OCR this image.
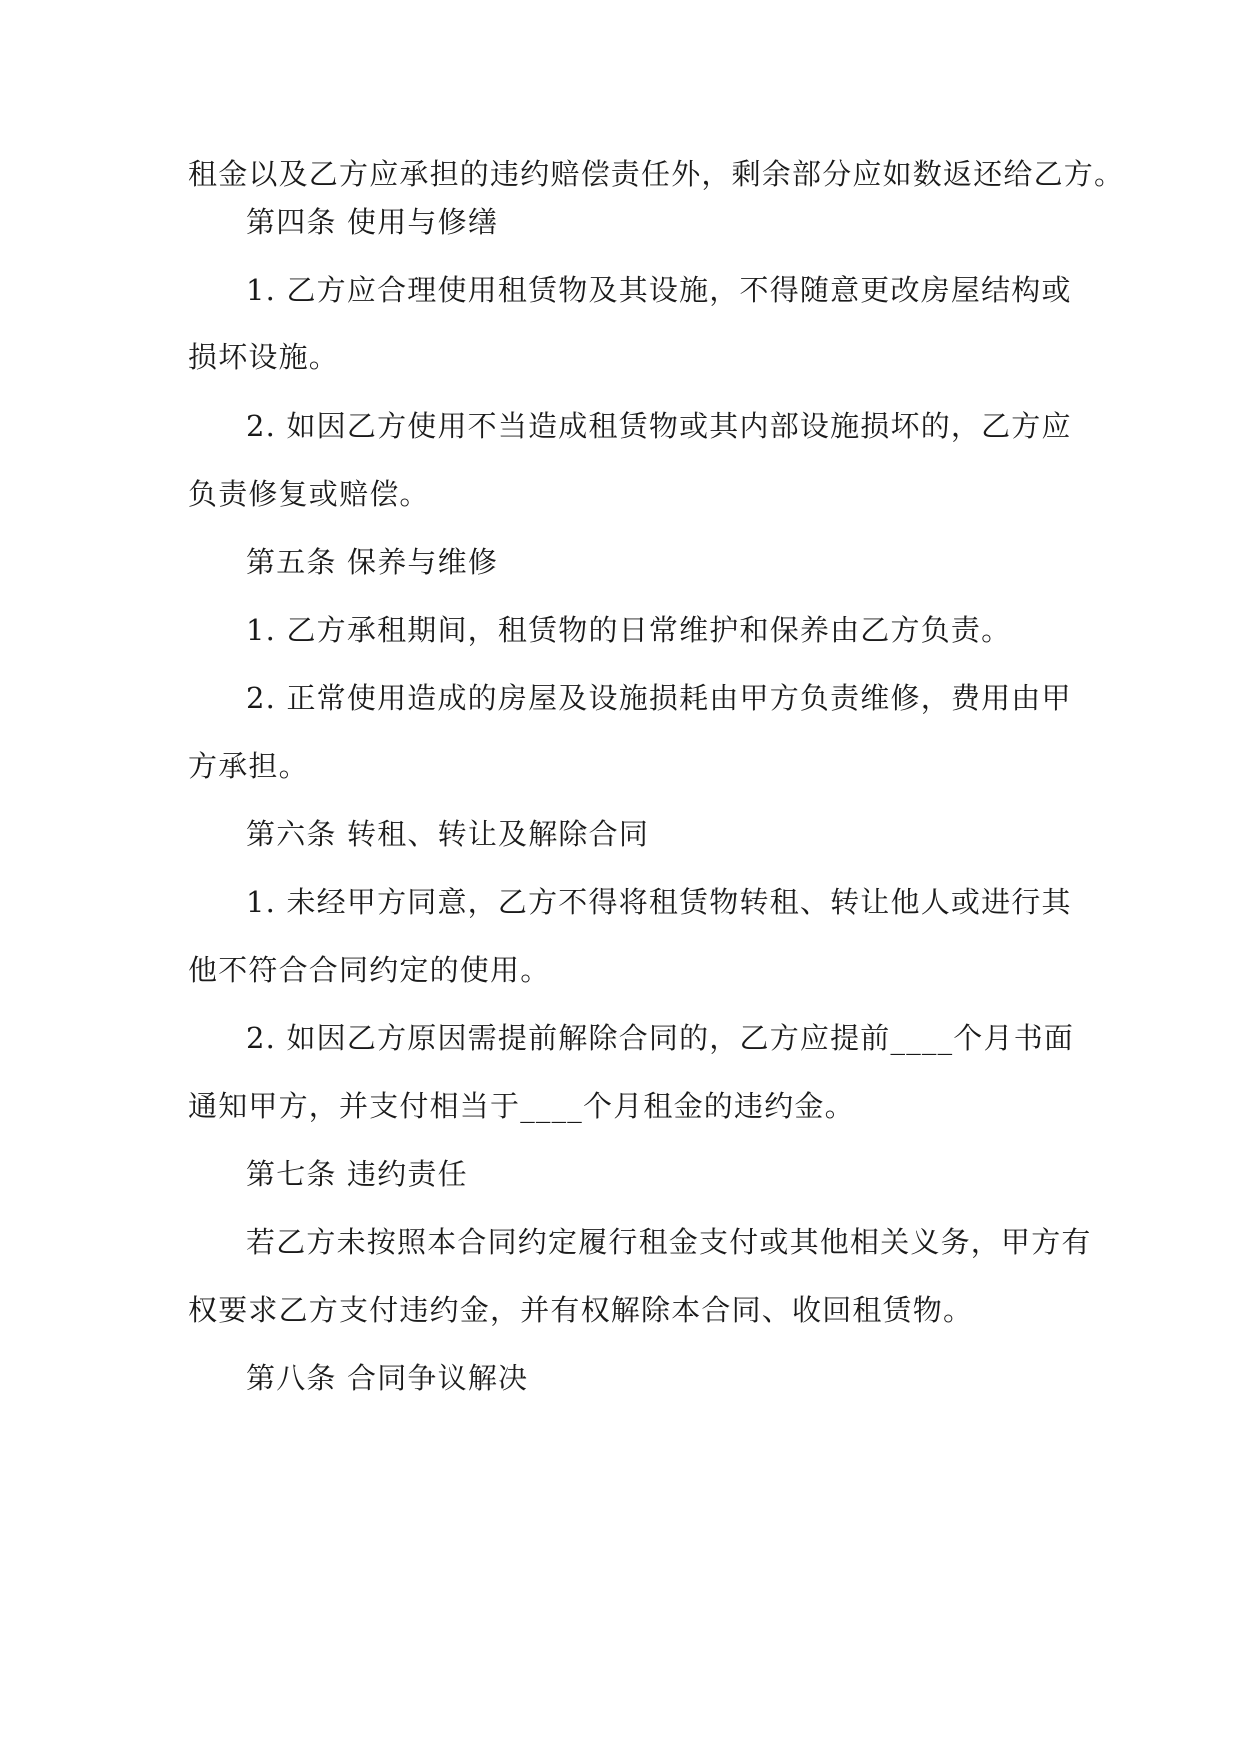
租金以及乙方应承担的违约赔偿责任外，剩余部分应如数返还给乙方。
第四条 使用与修缮
1. 乙方应合理使用租赁物及其设施，不得随意更改房屋结构或
损坏设施。
2. 如因乙方使用不当造成租赁物或其内部设施损坏的，乙方应
负责修复或赔偿。
第五条 保养与维修
1. 乙方承租期间，租赁物的日常维护和保养由乙方负责。
2. 正常使用造成的房屋及设施损耗由甲方负责维修，费用由甲
方承担。
第六条 转租、转让及解除合同
1. 未经甲方同意，乙方不得将租赁物转租、转让他人或进行其
他不符合合同约定的使用。
2. 如因乙方原因需提前解除合同的，乙方应提前____个月书面
通知甲方，并支付相当于____个月租金的违约金。
第七条 违约责任
若乙方未按照本合同约定履行租金支付或其他相关义务，甲方有
权要求乙方支付违约金，并有权解除本合同、收回租赁物。
第八条 合同争议解决
